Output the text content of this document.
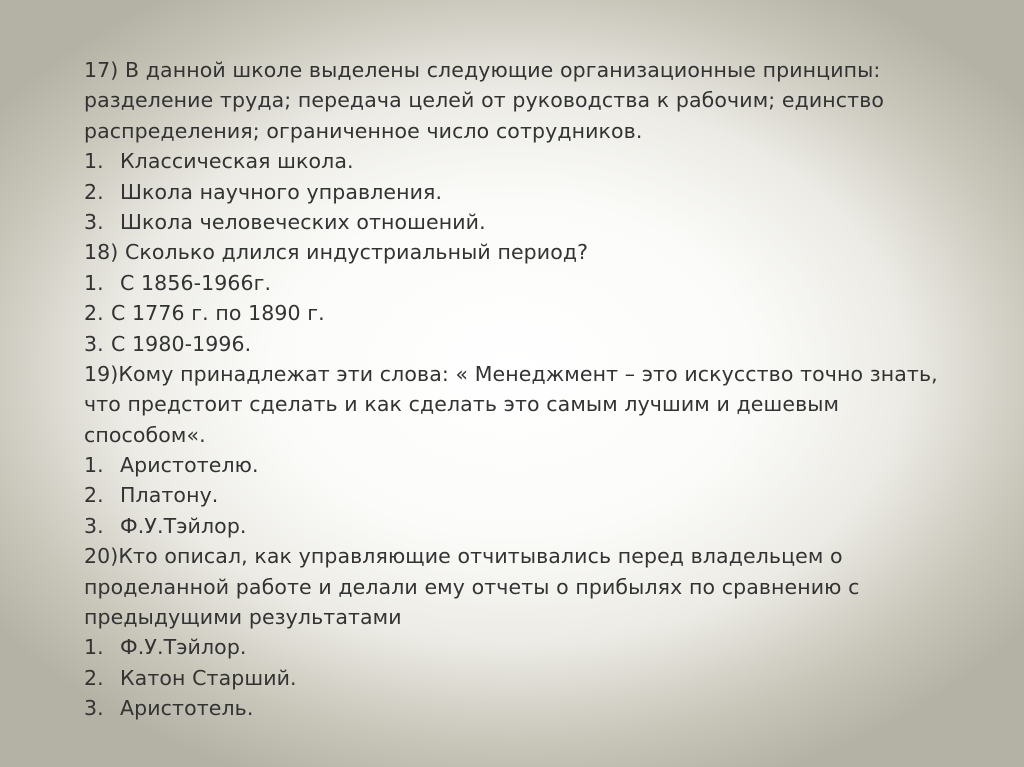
17) В данной школе выделены следующие организационные принципы:
разделение труда; передача целей от руководства к рабочим; единство
распределения; ограниченное число сотрудников.
1. Классическая школа.
2. Школа научного управления.
3. Школа человеческих отношений.
18) Сколько длился индустриальный период?
1. С 1856-1966г.
2. С 1776 г. по 1890 г.
3. С 1980-1996.
19)Кому принадлежат эти слова: « Менеджмент – это искусство точно знать,
что предстоит сделать и как сделать это самым лучшим и дешевым
способом«.
1. Аристотелю.
2. Платону.
3. Ф.У.Тэйлор.
20)Кто описал, как управляющие отчитывались перед владельцем о
проделанной работе и делали ему отчеты о прибылях по сравнению с
предыдущими результатами
1. Ф.У.Тэйлор.
2. Катон Старший.
3. Аристотель.
